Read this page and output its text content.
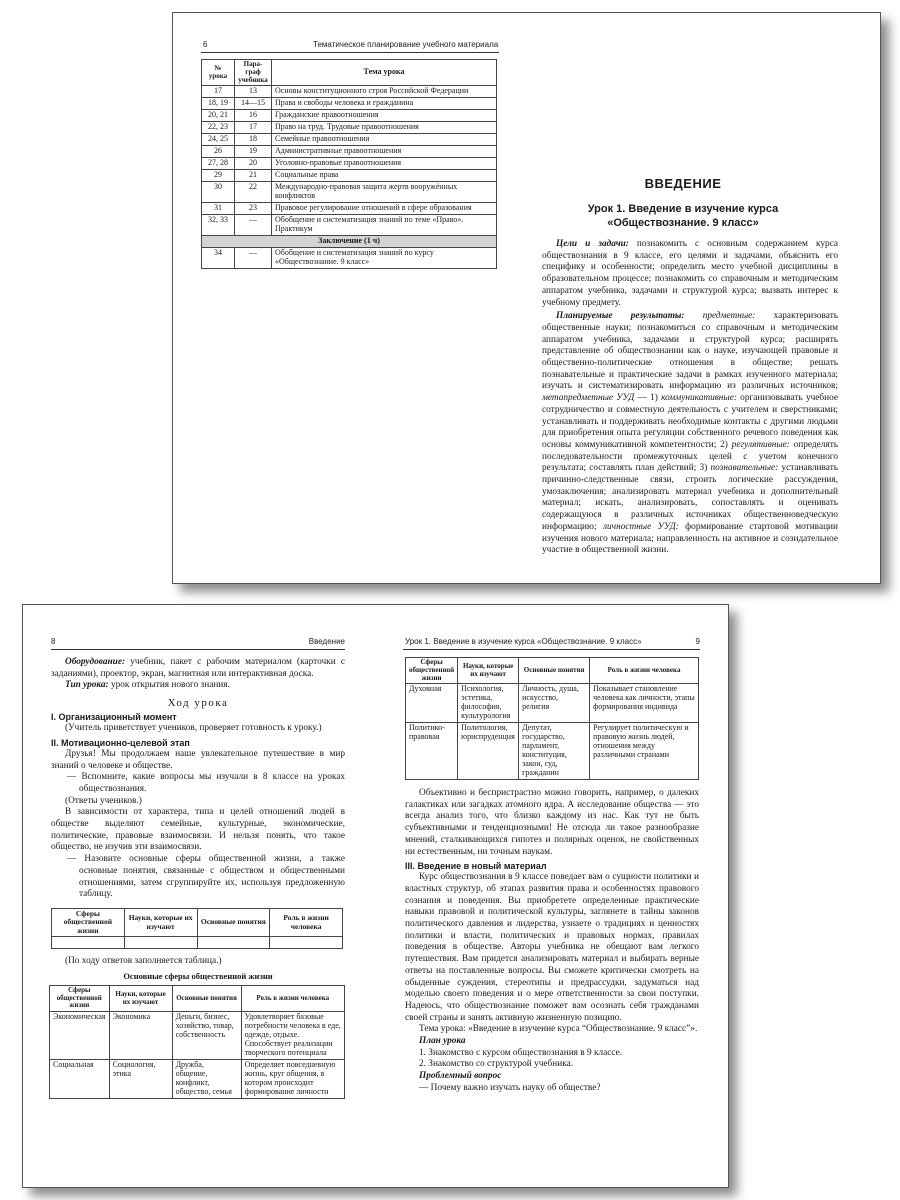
6	Тематическое планирование учебного материала
№ урока	Пара-граф учебника	Тема урока
17	13	Основы конституционного строя Российской Федерации
18, 19	14—15	Права и свободы человека и гражданина
20, 21	16	Гражданские правоотношения
22, 23	17	Право на труд. Трудовые правоотношения
24, 25	18	Семейные правоотношения
26	19	Административные правоотношения
27, 28	20	Уголовно-правовые правоотношения
29	21	Социальные права
30	22	Международно-правовая защита жертв вооружённых конфликтов
31	23	Правовое регулирование отношений в сфере образования
32, 33	—	Обобщение и систематизация знаний по теме «Право». Практикум
Заключение (1 ч)		
34	—	Обобщение и систематизация знаний по курсу «Обществознание. 9 класс»
ВВЕДЕНИЕ
Урок 1. Введение в изучение курса
«Обществознание. 9 класс»

Цели и задачи: познакомить с основным содержанием курса обществознания в 9 классе, его целями и задачами, объяснить его специфику и особенности; определить место учебной дисциплины в образовательном процессе; познакомить со справочным и методическим аппаратом учебника, задачами и структурой курса; вызвать интерес к учебному предмету.

Планируемые результаты: предметные: характеризовать общественные науки; познакомиться со справочным и методическим аппаратом учебника, задачами и структурой курса; расширять представление об обществознании как о науке, изучающей правовые и общественно-политические отношения в обществе; решать познавательные и практические задачи в рамках изученного материала; изучать и систематизировать информацию из различных источников; метапредметные УУД — 1) коммуникативные: организовывать учебное сотрудничество и совместную деятельность с учителем и сверстниками; устанавливать и поддерживать необходимые контакты с другими людьми для приобретения опыта регуляции собственного речевого поведения как основы коммуникативной компетентности; 2) регулятивные: определять последовательности промежуточных целей с учетом конечного результата; составлять план действий; 3) познавательные: устанавливать причинно-следственные связи, строить логические рассуждения, умозаключения; анализировать материал учебника и дополнительный материал; искать, анализировать, сопоставлять и оценивать содержащуюся в различных источниках общественноведческую информацию; личностные УУД: формирование стартовой мотивации изучения нового материала; направленность на активное и созидательное участие в общественной жизни.

8	Введение

Оборудование: учебник, пакет с рабочим материалом (карточки с заданиями), проектор, экран, магнитная или интерактивная доска.

Тип урока: урок открытия нового знания.

Ход урока
I. Организационный момент

(Учитель приветствует учеников, проверяет готовность к уроку.)

II. Мотивационно-целевой этап

Друзья! Мы продолжаем наше увлекательное путешествие в мир знаний о человеке и обществе.

— Вспомните, какие вопросы мы изучали в 8 классе на уроках обществознания.

(Ответы учеников.)

В зависимости от характера, типа и целей отношений людей в обществе выделяют семейные, культурные, экономические, политические, правовые взаимосвязи. И нельзя понять, что такое общество, не изучив эти взаимосвязи.

— Назовите основные сферы общественной жизни, а также основные понятия, связанные с обществом и общественными отношениями, затем сгруппируйте их, используя предложенную таблицу.

Сферы общественной жизни	Науки, которые их изучают	Основные понятия	Роль в жизни человека

(По ходу ответов заполняется таблица.)

Основные сферы общественной жизни
Сферы общественной жизни	Науки, которые их изучают	Основные понятия	Роль в жизни человека
Экономическая	Экономика	Деньги, бизнес, хозяйство, товар, собственность	Удовлетворяет базовые потребности человека в еде, одежде, отдыхе. Способствует реализации творческого потенциала
Социальная	Социология, этика	Дружба, общение, конфликт, общество, семья	Определяет повседневную жизнь, круг общения, в котором происходит формирование личности
Урок 1. Введение в изучение курса «Обществознание. 9 класс»	9
Сферы общественной жизни	Науки, которые их изучают	Основные понятия	Роль в жизни человека
Духовная	Психология, эстетика, философия, культурология	Личность, душа, искусство, религия	Показывает становление человека как личности, этапы формирования индивида
Политико-правовая	Политология, юриспруденция	Депутат, государство, парламент, конституция, закон, суд, гражданин	Регулирует политическую и правовую жизнь людей, отношения между различными странами

Объективно и беспристрастно можно говорить, например, о далеких галактиках или загадках атомного ядра. А исследование общества — это всегда анализ того, что близко каждому из нас. Как тут не быть субъективными и тенденциозными! Не отсюда ли такое разнообразие мнений, сталкивающихся гипотез и полярных оценок, не свойственных ни естественным, ни точным наукам.

III. Введение в новый материал

Курс обществознания в 9 классе поведает вам о сущности политики и властных структур, об этапах развития права и особенностях правового сознания и поведения. Вы приобретете определенные практические навыки правовой и политической культуры, заглянете в тайны законов политического давления и лидерства, узнаете о традициях и ценностях политики и власти, политических и правовых нормах, правилах поведения в обществе. Авторы учебника не обещают вам легкого путешествия. Вам придется анализировать материал и выбирать верные ответы на поставленные вопросы. Вы сможете критически смотреть на обыденные суждения, стереотипы и предрассудки, задуматься над моделью своего поведения и о мере ответственности за свои поступки. Надеюсь, что обществознание поможет вам осознать себя гражданами своей страны и занять активную жизненную позицию.

Тема урока: «Введение в изучение курса “Обществознание. 9 класс”».

План урока

1. Знакомство с курсом обществознания в 9 классе.

2. Знакомство со структурой учебника.

Проблемный вопрос

— Почему важно изучать науку об обществе?
